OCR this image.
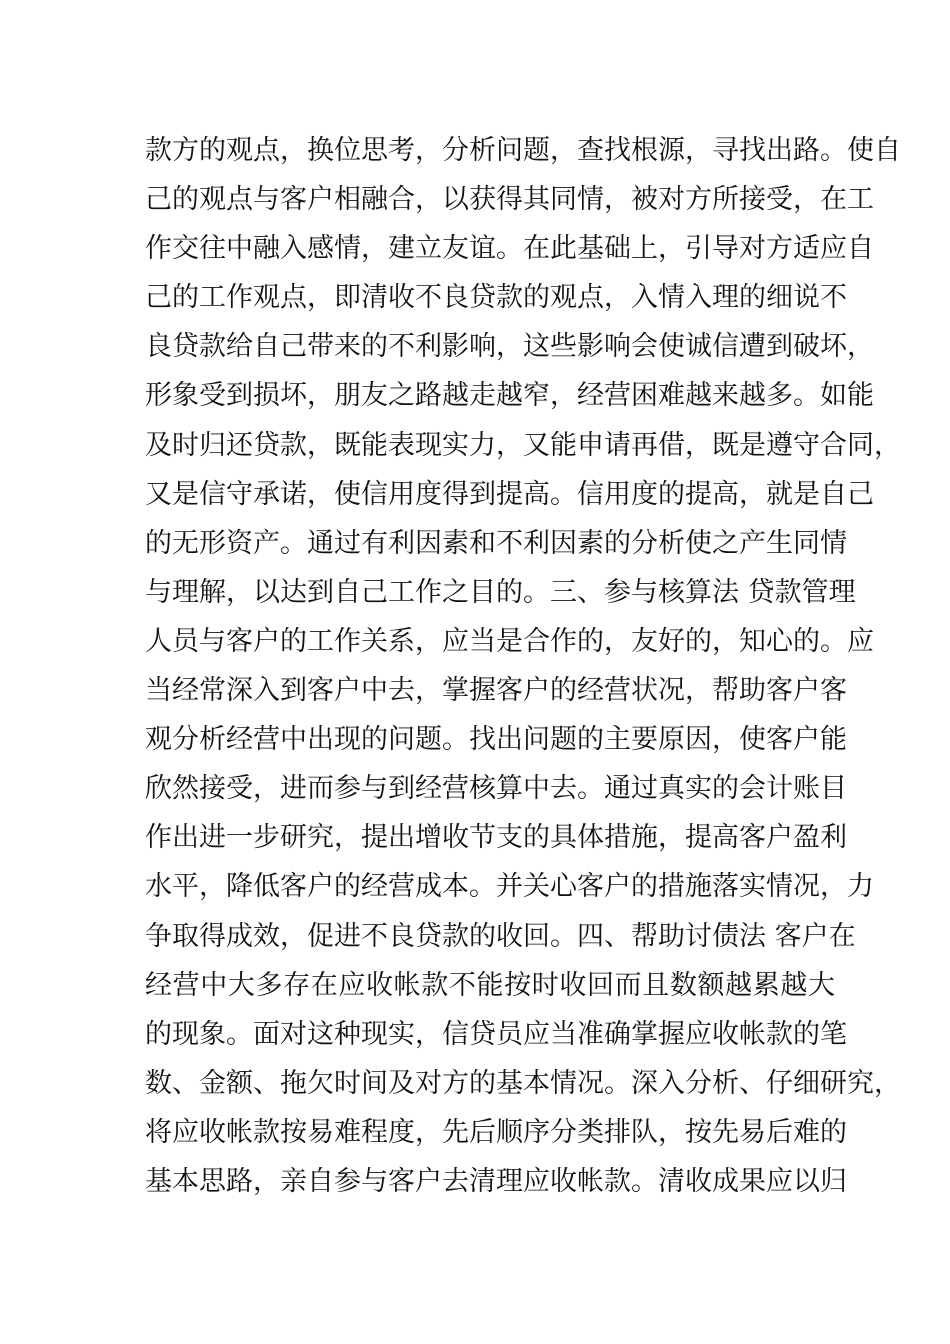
款方的观点，换位思考，分析问题，查找根源，寻找出路。使自
己的观点与客户相融合，以获得其同情，被对方所接受，在工
作交往中融入感情，建立友谊。在此基础上，引导对方适应自
己的工作观点，即清收不良贷款的观点，入情入理的细说不
良贷款给自己带来的不利影响，这些影响会使诚信遭到破坏，
形象受到损坏，朋友之路越走越窄，经营困难越来越多。如能
及时归还贷款，既能表现实力，又能申请再借，既是遵守合同，
又是信守承诺，使信用度得到提高。信用度的提高，就是自己
的无形资产。通过有利因素和不利因素的分析使之产生同情
与理解，以达到自己工作之目的。三、参与核算法 贷款管理
人员与客户的工作关系，应当是合作的，友好的，知心的。应
当经常深入到客户中去，掌握客户的经营状况，帮助客户客
观分析经营中出现的问题。找出问题的主要原因，使客户能
欣然接受，进而参与到经营核算中去。通过真实的会计账目
作出进一步研究，提出增收节支的具体措施，提高客户盈利
水平，降低客户的经营成本。并关心客户的措施落实情况，力
争取得成效，促进不良贷款的收回。四、帮助讨债法 客户在
经营中大多存在应收帐款不能按时收回而且数额越累越大
的现象。面对这种现实，信贷员应当准确掌握应收帐款的笔
数、金额、拖欠时间及对方的基本情况。深入分析、仔细研究，
将应收帐款按易难程度，先后顺序分类排队，按先易后难的
基本思路，亲自参与客户去清理应收帐款。清收成果应以归
